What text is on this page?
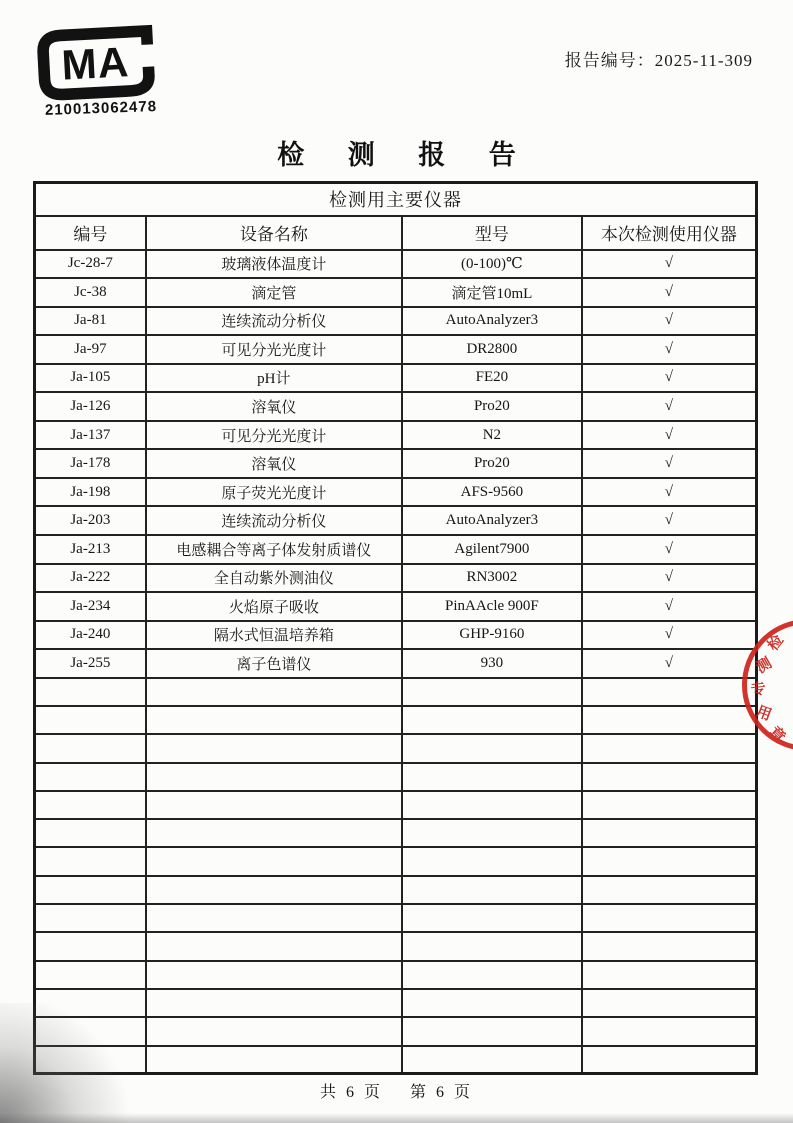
MA
210013062478
报告编号：2025-11-309
检 测 报 告
检测用主要仪器			
编号	设备名称	型号	本次检测使用仪器
Jc-28-7	玻璃液体温度计	(0-100)℃	√
Jc-38	滴定管	滴定管10mL	√
Ja-81	连续流动分析仪	AutoAnalyzer3	√
Ja-97	可见分光光度计	DR2800	√
Ja-105	pH计	FE20	√
Ja-126	溶氧仪	Pro20	√
Ja-137	可见分光光度计	N2	√
Ja-178	溶氧仪	Pro20	√
Ja-198	原子荧光光度计	AFS-9560	√
Ja-203	连续流动分析仪	AutoAnalyzer3	√
Ja-213	电感耦合等离子体发射质谱仪	Agilent7900	√
Ja-222	全自动紫外测油仪	RN3002	√
Ja-234	火焰原子吸收	PinAAcle 900F	√
Ja-240	隔水式恒温培养箱	GHP-9160	√
Ja-255	离子色谱仪	930	√

检
测
专
用
章
共 6 页 第 6 页
